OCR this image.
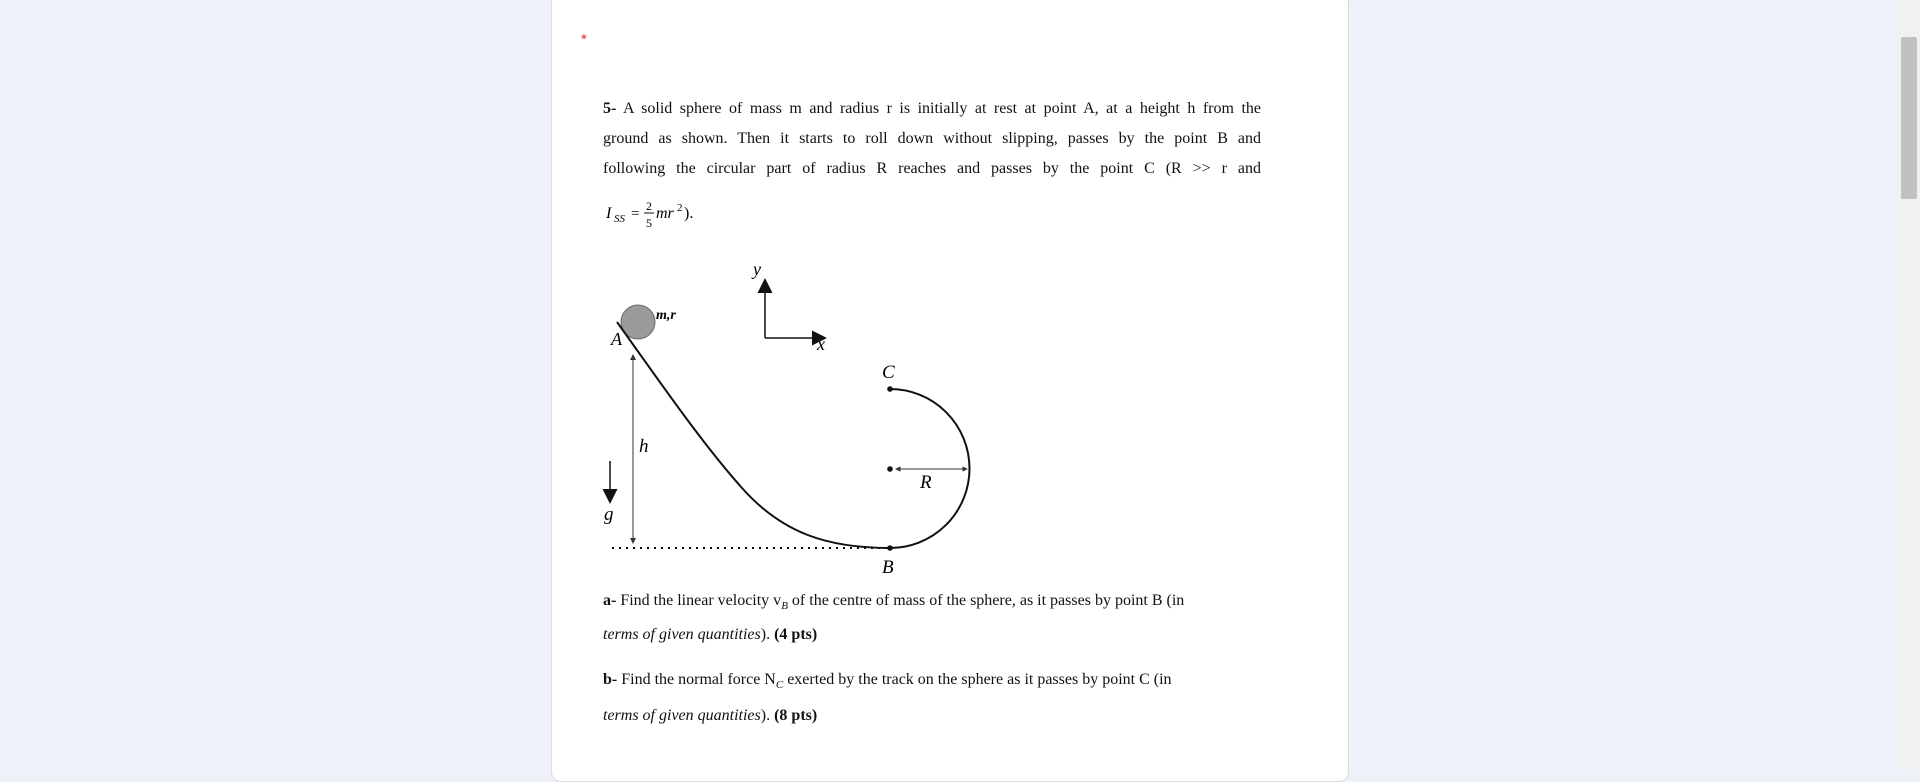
*
5- A solid sphere of mass m and radius r is initially at rest at point A, at a height h from the
ground as shown. Then it starts to roll down without slipping, passes by the point B and
following the circular part of radius R reaches and passes by the point C (R >> r and
I SS = 2
5
mr 2 ).
y
x
m,r
A
h
g
B
C
R
a- Find the linear velocity $v_B$ of the centre of mass of the sphere, as it passes by point B (in
terms of given quantities). (4 pts)
b- Find the normal force $N_C$ exerted by the track on the sphere as it passes by point C (in
terms of given quantities). (8 pts)
